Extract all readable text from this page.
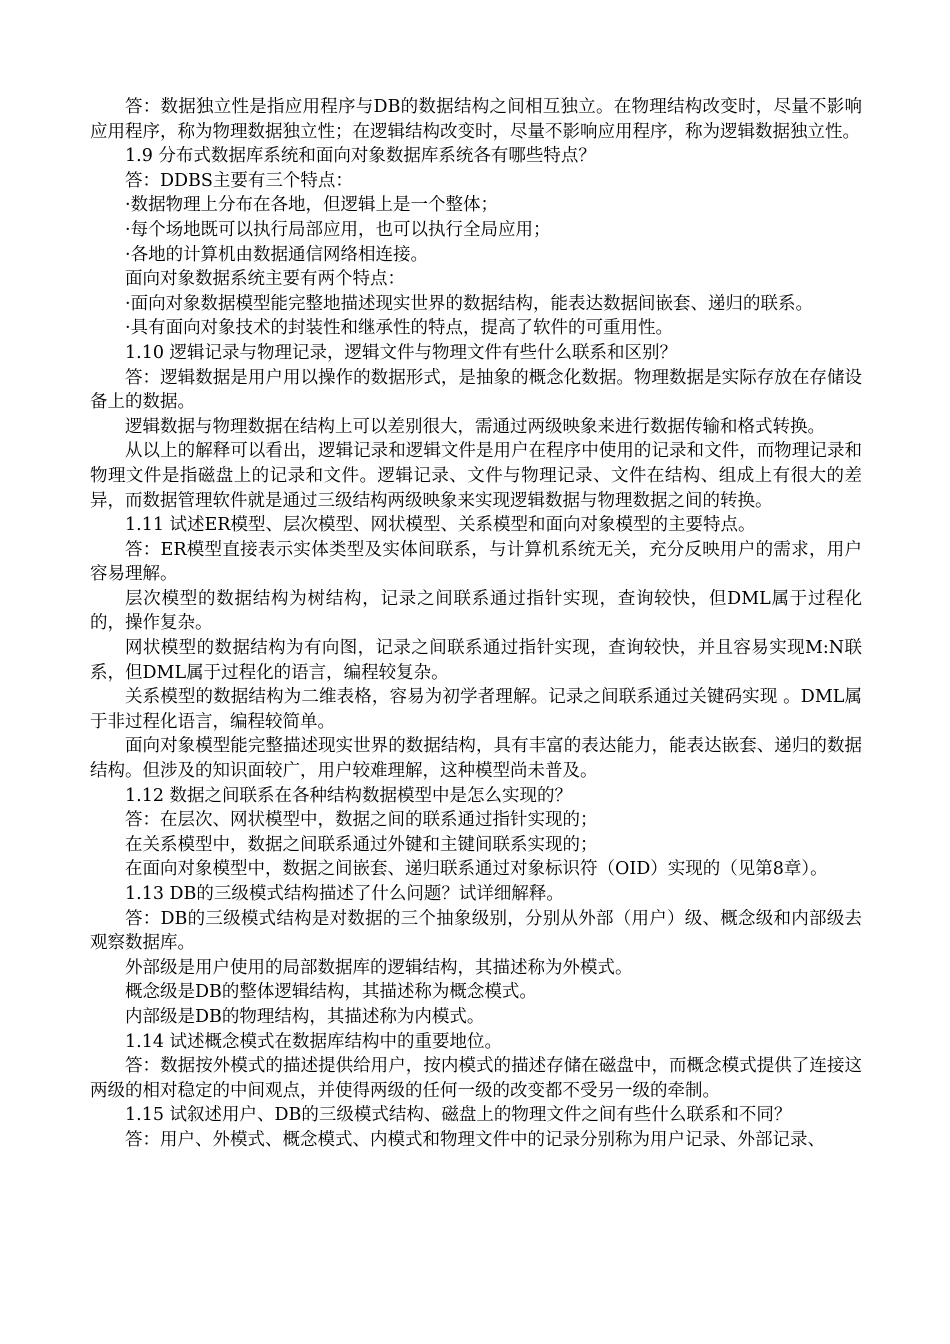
答：数据独立性是指应用程序与DB的数据结构之间相互独立。在物理结构改变时，尽量不影响应用程序，称为物理数据独立性；在逻辑结构改变时，尽量不影响应用程序，称为逻辑数据独立性。

1.9 分布式数据库系统和面向对象数据库系统各有哪些特点？

答：DDBS主要有三个特点：

·数据物理上分布在各地，但逻辑上是一个整体；

·每个场地既可以执行局部应用，也可以执行全局应用；

·各地的计算机由数据通信网络相连接。

面向对象数据系统主要有两个特点：

·面向对象数据模型能完整地描述现实世界的数据结构，能表达数据间嵌套、递归的联系。

·具有面向对象技术的封装性和继承性的特点，提高了软件的可重用性。

1.10 逻辑记录与物理记录，逻辑文件与物理文件有些什么联系和区别？

答：逻辑数据是用户用以操作的数据形式，是抽象的概念化数据。物理数据是实际存放在存储设备上的数据。

逻辑数据与物理数据在结构上可以差别很大，需通过两级映象来进行数据传输和格式转换。

从以上的解释可以看出，逻辑记录和逻辑文件是用户在程序中使用的记录和文件，而物理记录和物理文件是指磁盘上的记录和文件。逻辑记录、文件与物理记录、文件在结构、组成上有很大的差异，而数据管理软件就是通过三级结构两级映象来实现逻辑数据与物理数据之间的转换。

1.11 试述ER模型、层次模型、网状模型、关系模型和面向对象模型的主要特点。

答：ER模型直接表示实体类型及实体间联系，与计算机系统无关，充分反映用户的需求，用户容易理解。

层次模型的数据结构为树结构，记录之间联系通过指针实现，查询较快，但DML属于过程化的，操作复杂。

网状模型的数据结构为有向图，记录之间联系通过指针实现，查询较快，并且容易实现M:N联系，但DML属于过程化的语言，编程较复杂。

关系模型的数据结构为二维表格，容易为初学者理解。记录之间联系通过关键码实现 。DML属于非过程化语言，编程较简单。

面向对象模型能完整描述现实世界的数据结构，具有丰富的表达能力，能表达嵌套、递归的数据结构。但涉及的知识面较广，用户较难理解，这种模型尚未普及。

1.12 数据之间联系在各种结构数据模型中是怎么实现的？

答：在层次、网状模型中，数据之间的联系通过指针实现的；

在关系模型中，数据之间联系通过外键和主键间联系实现的；

在面向对象模型中，数据之间嵌套、递归联系通过对象标识符（OID）实现的（见第8章）。

1.13 DB的三级模式结构描述了什么问题？试详细解释。

答：DB的三级模式结构是对数据的三个抽象级别，分别从外部（用户）级、概念级和内部级去观察数据库。

外部级是用户使用的局部数据库的逻辑结构，其描述称为外模式。

概念级是DB的整体逻辑结构，其描述称为概念模式。

内部级是DB的物理结构，其描述称为内模式。

1.14 试述概念模式在数据库结构中的重要地位。

答：数据按外模式的描述提供给用户，按内模式的描述存储在磁盘中，而概念模式提供了连接这两级的相对稳定的中间观点，并使得两级的任何一级的改变都不受另一级的牵制。

1.15 试叙述用户、DB的三级模式结构、磁盘上的物理文件之间有些什么联系和不同？

答：用户、外模式、概念模式、内模式和物理文件中的记录分别称为用户记录、外部记录、
